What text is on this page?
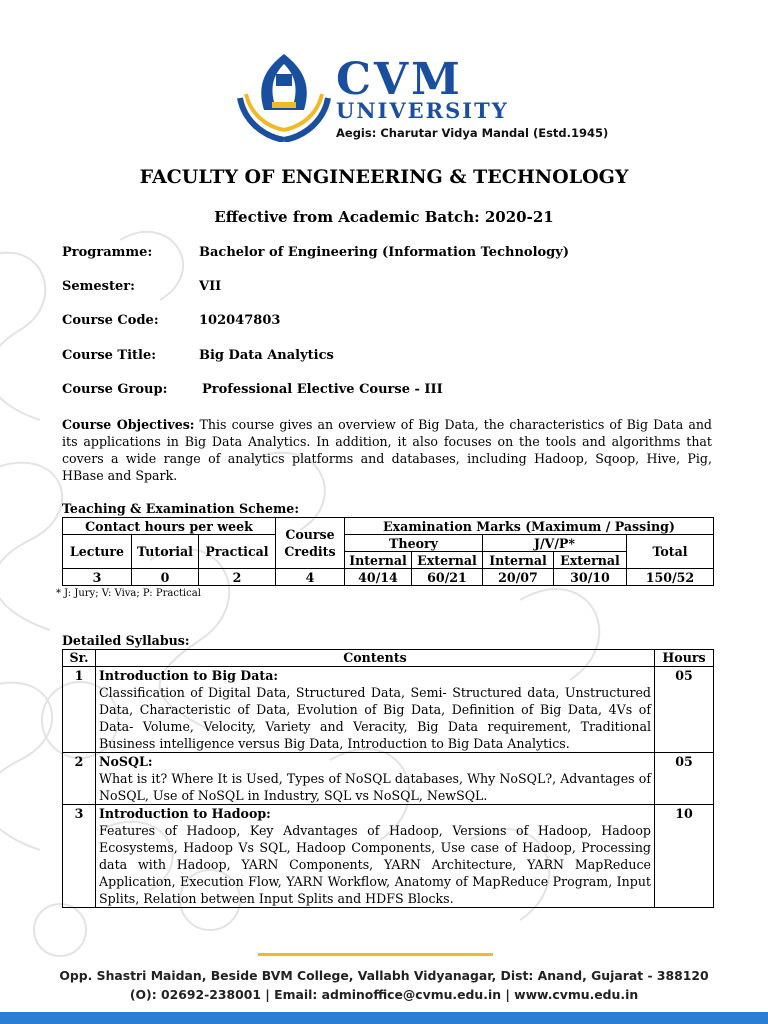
CVM
UNIVERSITY
Aegis: Charutar Vidya Mandal (Estd.1945)
FACULTY OF ENGINEERING & TECHNOLOGY
Effective from Academic Batch: 2020-21
Programme:	Bachelor of Engineering (Information Technology)
Semester:	VII
Course Code:	102047803
Course Title:	Big Data Analytics
Course Group:	Professional Elective Course - III
Course Objectives: This course gives an overview of Big Data, the characteristics of Big Data and its applications in Big Data Analytics. In addition, it also focuses on the tools and algorithms that covers a wide range of analytics platforms and databases, including Hadoop, Sqoop, Hive, Pig, HBase and Spark.
Teaching & Examination Scheme:
Contact hours per week			Course Credits	Examination Marks (Maximum / Passing)				
Lecture	Tutorial	Practical		Theory		J/V/P*		Total
				Internal	External	Internal	External	
3	0	2	4	40/14	60/21	20/07	30/10	150/52
* J: Jury; V: Viva; P: Practical
Detailed Syllabus:
Sr.	Contents	Hours
1	Introduction to Big Data:
Classification of Digital Data, Structured Data, Semi- Structured data, Unstructured Data, Characteristic of Data, Evolution of Big Data, Definition of Big Data, 4Vs of Data- Volume, Velocity, Variety and Veracity, Big Data requirement, Traditional Business intelligence versus Big Data, Introduction to Big Data Analytics.	05
2	NoSQL:
What is it? Where It is Used, Types of NoSQL databases, Why NoSQL?, Advantages of NoSQL, Use of NoSQL in Industry, SQL vs NoSQL, NewSQL.	05
3	Introduction to Hadoop:
Features of Hadoop, Key Advantages of Hadoop, Versions of Hadoop, Hadoop Ecosystems, Hadoop Vs SQL, Hadoop Components, Use case of Hadoop, Processing data with Hadoop, YARN Components, YARN Architecture, YARN MapReduce Application, Execution Flow, YARN Workflow, Anatomy of MapReduce Program, Input Splits, Relation between Input Splits and HDFS Blocks.	10
Opp. Shastri Maidan, Beside BVM College, Vallabh Vidyanagar, Dist: Anand, Gujarat - 388120
(O): 02692-238001 | Email: adminoffice@cvmu.edu.in | www.cvmu.edu.in
